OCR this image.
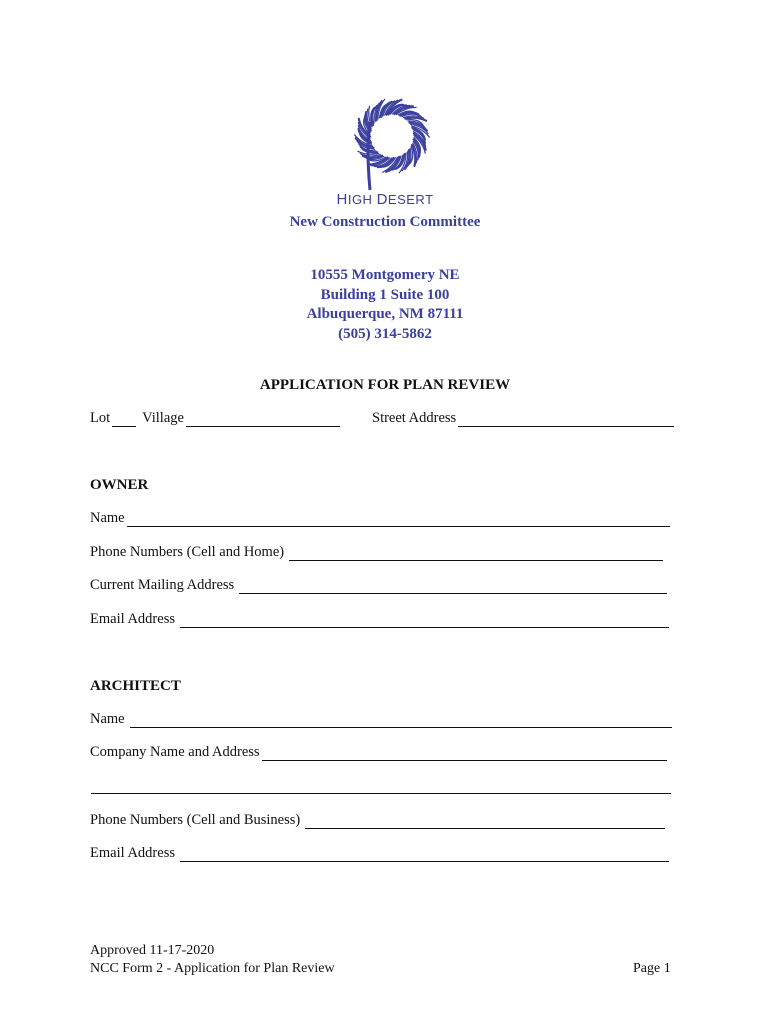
HIGH DESERT
New Construction Committee
10555 Montgomery NE
Building 1 Suite 100
Albuquerque, NM 87111
(505) 314-5862
APPLICATION FOR PLAN REVIEW
Lot Village	Street Address
OWNER
Name
Phone Numbers (Cell and Home)
Current Mailing Address
Email Address
ARCHITECT
Name
Company Name and Address
Phone Numbers (Cell and Business)
Email Address
Approved 11-17-2020
NCC Form 2 - Application for Plan Review	Page 1
